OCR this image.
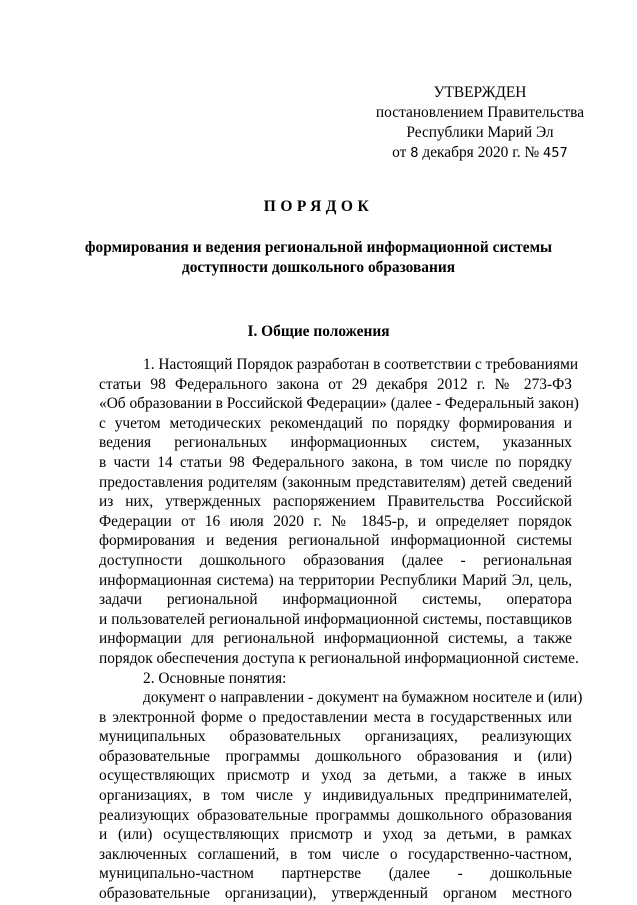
УТВЕРЖДЕН
постановлением Правительства
Республики Марий Эл
от 8 декабря 2020 г. № 457
ПОРЯДОК
формирования и ведения региональной информационной системы
доступности дошкольного образования
I. Общие положения
1. Настоящий Порядок разработан в соответствии с требованиями
статьи 98 Федерального закона от 29 декабря 2012 г. № 273-ФЗ
«Об образовании в Российской Федерации» (далее - Федеральный закон)
с учетом методических рекомендаций по порядку формирования и
ведения региональных информационных систем, указанных
в части 14 статьи 98 Федерального закона, в том числе по порядку
предоставления родителям (законным представителям) детей сведений
из них, утвержденных распоряжением Правительства Российской
Федерации от 16 июля 2020 г. № 1845-р, и определяет порядок
формирования и ведения региональной информационной системы
доступности дошкольного образования (далее - региональная
информационная система) на территории Республики Марий Эл, цель,
задачи региональной информационной системы, оператора
и пользователей региональной информационной системы, поставщиков
информации для региональной информационной системы, а также
порядок обеспечения доступа к региональной информационной системе.
2. Основные понятия:
документ о направлении - документ на бумажном носителе и (или)
в электронной форме о предоставлении места в государственных или
муниципальных образовательных организациях, реализующих
образовательные программы дошкольного образования и (или)
осуществляющих присмотр и уход за детьми, а также в иных
организациях, в том числе у индивидуальных предпринимателей,
реализующих образовательные программы дошкольного образования
и (или) осуществляющих присмотр и уход за детьми, в рамках
заключенных соглашений, в том числе о государственно-частном,
муниципально-частном партнерстве (далее - дошкольные
образовательные организации), утвержденный органом местного
